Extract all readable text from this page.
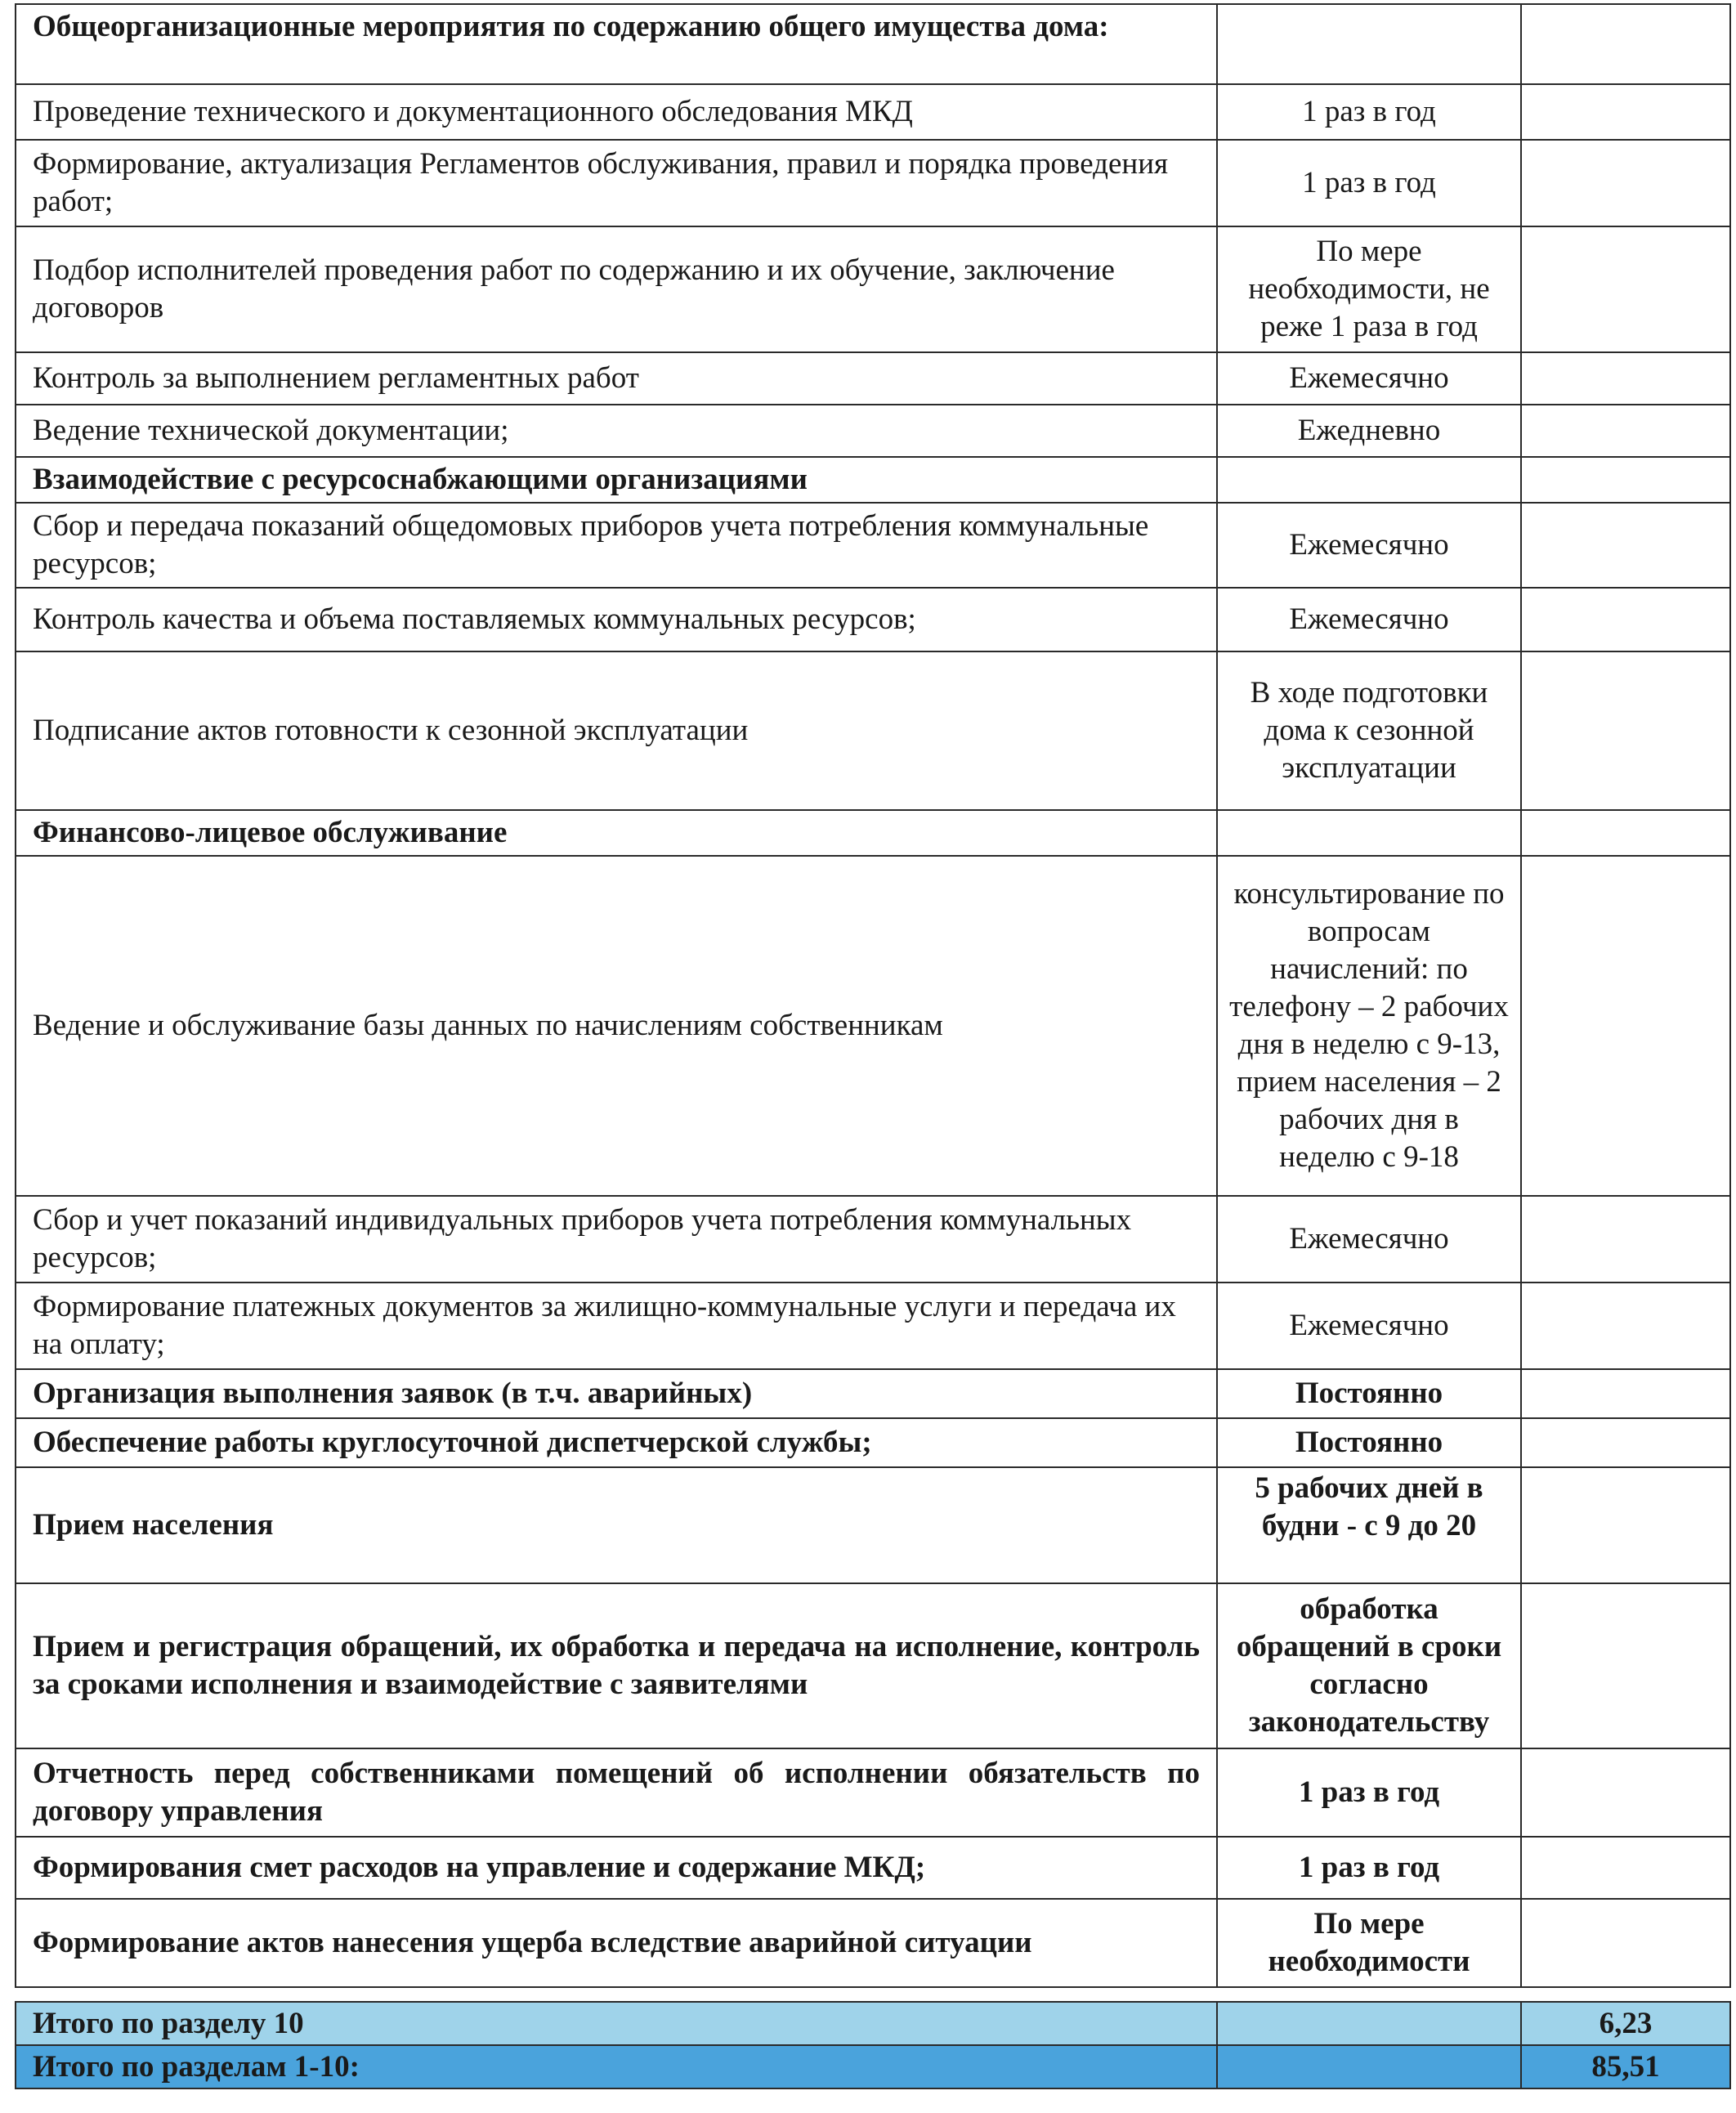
Общеорганизационные мероприятия по содержанию общего имущества дома:		
Проведение технического и документационного обследования МКД	1 раз в год	
Формирование, актуализация Регламентов обслуживания, правил и порядка проведения работ;	1 раз в год	
Подбор исполнителей проведения работ по содержанию и их обучение, заключение договоров	По мере необходимости, не реже 1 раза в год	
Контроль за выполнением регламентных работ	Ежемесячно	
Ведение технической документации;	Ежедневно	
Взаимодействие с ресурсоснабжающими организациями		
Сбор и передача показаний общедомовых приборов учета потребления коммунальные ресурсов;	Ежемесячно	
Контроль качества и объема поставляемых коммунальных ресурсов;	Ежемесячно	
Подписание актов готовности к сезонной эксплуатации	В ходе подготовки дома к сезонной эксплуатации	
Финансово-лицевое обслуживание		
Ведение и обслуживание базы данных по начислениям собственникам	консультирование по вопросам начислений: по телефону – 2 рабочих дня в неделю с 9-13, прием населения – 2 рабочих дня в неделю с 9-18	
Сбор и учет показаний индивидуальных приборов учета потребления коммунальных ресурсов;	Ежемесячно	
Формирование платежных документов за жилищно-коммунальные услуги и передача их на оплату;	Ежемесячно	
Организация выполнения заявок (в т.ч. аварийных)	Постоянно	
Обеспечение работы круглосуточной диспетчерской службы;	Постоянно	
Прием населения	5 рабочих дней в будни - с 9 до 20	
Прием и регистрация обращений, их обработка и передача на исполнение, контроль за сроками исполнения и взаимодействие с заявителями	обработка обращений в сроки согласно законодательству	
Отчетность перед собственниками помещений об исполнении обязательств по договору управления	1 раз в год	
Формирования смет расходов на управление и содержание МКД;	1 раз в год	
Формирование актов нанесения ущерба вследствие аварийной ситуации	По мере необходимости	
Итого по разделу 10		6,23
Итого по разделам 1-10:		85,51
